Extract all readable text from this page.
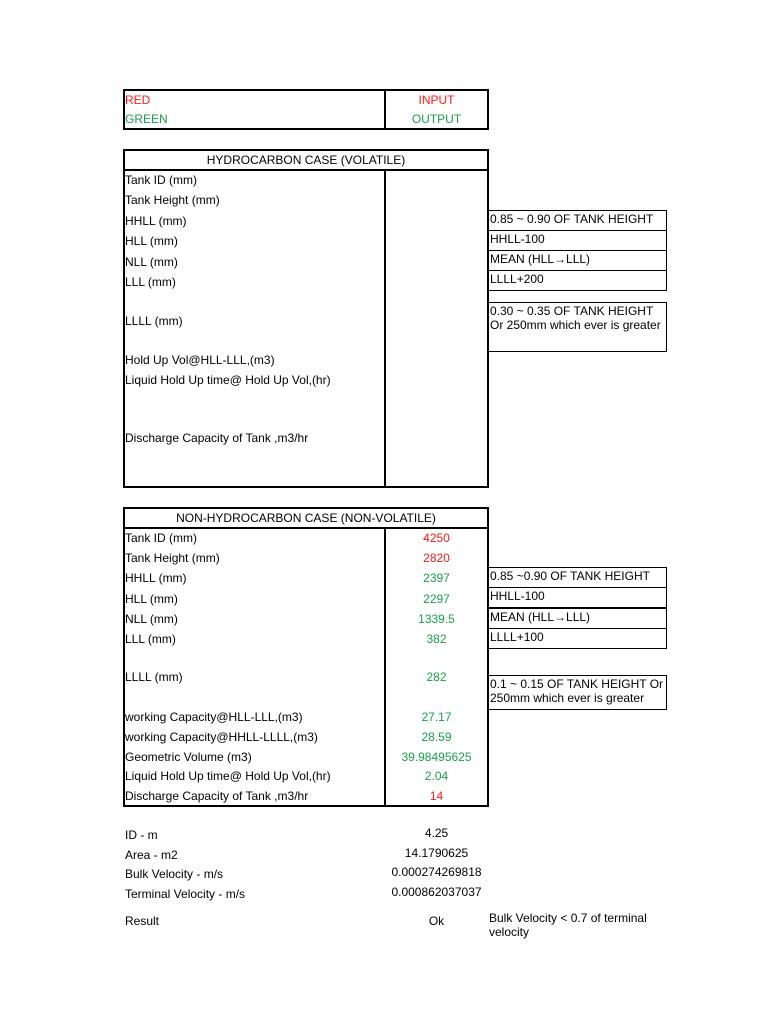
RED	INPUT
GREEN	OUTPUT
HYDROCARBON CASE (VOLATILE)
Tank ID (mm)
Tank Height (mm)
HHLL (mm)
HLL (mm)
NLL (mm)
LLL (mm)
LLLL (mm)
Hold Up Vol@HLL-LLL,(m3)
Liquid Hold Up time@ Hold Up Vol,(hr)
Discharge Capacity of Tank ,m3/hr
0.85 ~ 0.90 OF TANK HEIGHT
HHLL-100
MEAN (HLL→LLL)
LLLL+200
0.30 ~ 0.35 OF TANK HEIGHT Or 250mm which ever is greater
NON-HYDROCARBON CASE (NON-VOLATILE)
Tank ID (mm)	4250
Tank Height (mm)	2820
HHLL (mm)	2397
HLL (mm)	2297
NLL (mm)	1339.5
LLL (mm)	382
LLLL (mm)	282
working Capacity@HLL-LLL,(m3)	27.17
working Capacity@HHLL-LLLL,(m3)	28.59
Geometric Volume (m3)	39.98495625
Liquid Hold Up time@ Hold Up Vol,(hr)	2.04
Discharge Capacity of Tank ,m3/hr	14
0.85 ~0.90 OF TANK HEIGHT
HHLL-100
MEAN (HLL→LLL)
LLLL+100
0.1 ~ 0.15 OF TANK HEIGHT Or 250mm which ever is greater
ID - m	4.25
Area - m2	14.1790625
Bulk Velocity - m/s	0.000274269818
Terminal Velocity - m/s	0.000862037037
Result	Ok	Bulk Velocity < 0.7 of terminal velocity
